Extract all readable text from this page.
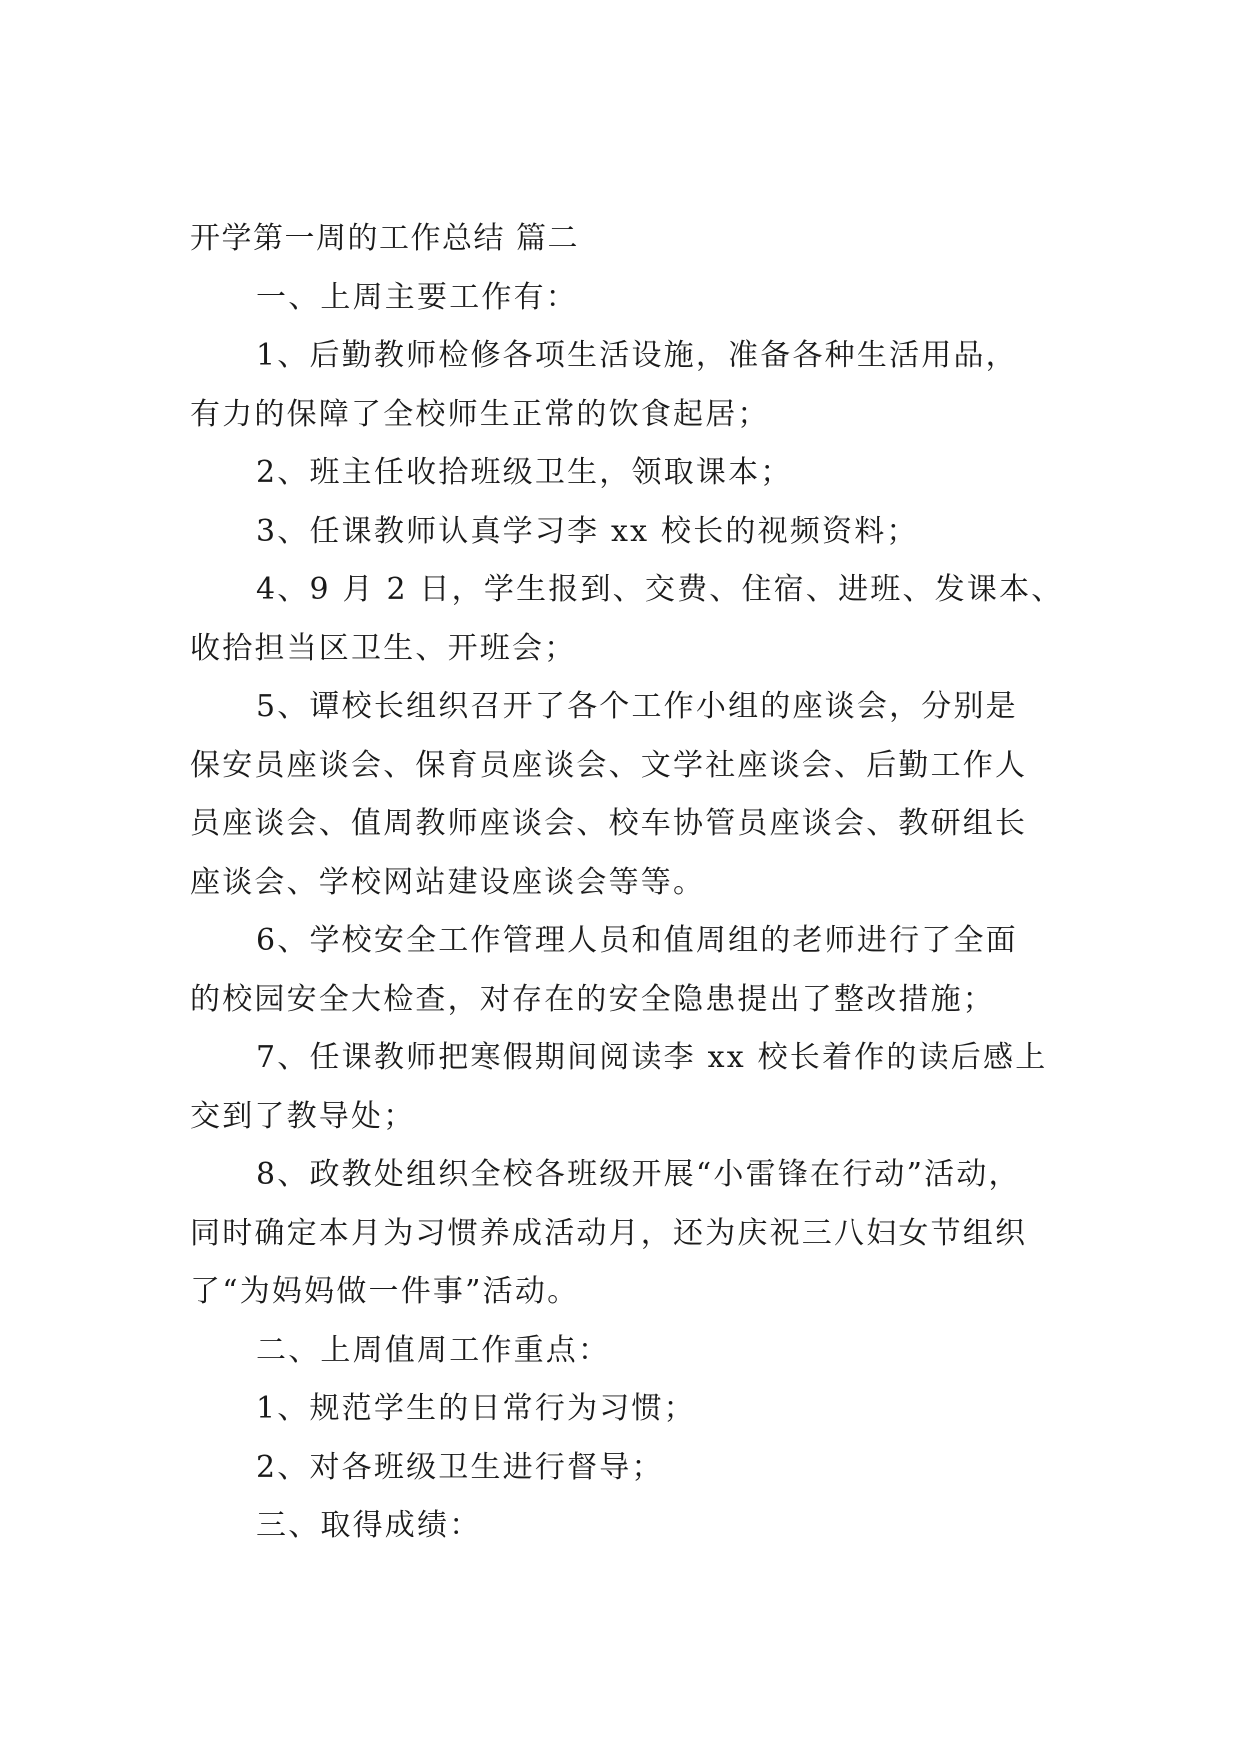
开学第一周的工作总结 篇二
一、上周主要工作有：
1、后勤教师检修各项生活设施，准备各种生活用品，
有力的保障了全校师生正常的饮食起居；
2、班主任收拾班级卫生，领取课本；
3、任课教师认真学习李 xx 校长的视频资料；
4、9 月 2 日，学生报到、交费、住宿、进班、发课本、
收拾担当区卫生、开班会；
5、谭校长组织召开了各个工作小组的座谈会，分别是
保安员座谈会、保育员座谈会、文学社座谈会、后勤工作人
员座谈会、值周教师座谈会、校车协管员座谈会、教研组长
座谈会、学校网站建设座谈会等等。
6、学校安全工作管理人员和值周组的老师进行了全面
的校园安全大检查，对存在的安全隐患提出了整改措施；
7、任课教师把寒假期间阅读李 xx 校长着作的读后感上
交到了教导处；
8、政教处组织全校各班级开展“小雷锋在行动”活动，
同时确定本月为习惯养成活动月，还为庆祝三八妇女节组织
了“为妈妈做一件事”活动。
二、上周值周工作重点：
1、规范学生的日常行为习惯；
2、对各班级卫生进行督导；
三、取得成绩：
